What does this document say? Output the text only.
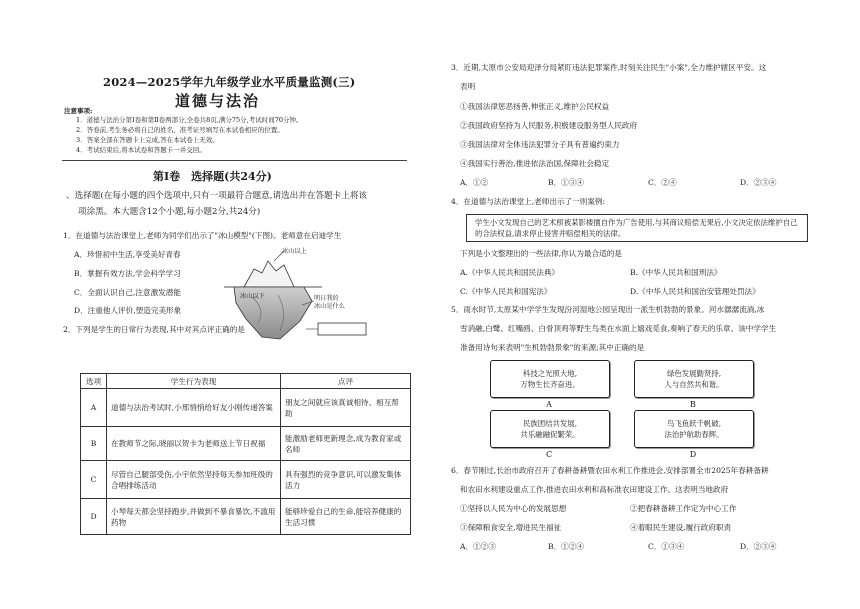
2024—2025学年九年级学业水平质量监测(三)
道德与法治
注意事项:
1．道德与法治分第Ⅰ卷和第Ⅱ卷两部分,全卷共8页,满分75分,考试时间70分钟。
2．答卷前,考生务必将自己的姓名、准考证号填写在本试卷相应的位置。
3．答案全部在答题卡上完成,答在本试卷上无效。
4．考试结束后,将本试卷和答题卡一并交回。
第Ⅰ卷　选择题(共24分)
、选择题(在每小题的四个选项中,只有一项最符合题意,请选出并在答题卡上将该
项涂黑。本大题含12个小题,每小题2分,共24分)
1．在道德与法治课堂上,老师为同学们出示了"冰山模型"(下图)。老师意在启迪学生
A．珍惜初中生活,享受美好青春
B．掌握有效方法,学会科学学习
C．全面认识自己,注意激发潜能
D．注重他人评价,塑造完美形象
冰山以上
冰山以下	明日我的
冰山是什么
2．下列是学生的日常行为表现,其中对其点评正确的是
选项	学生行为表现	点评
A	道德与法治考试时,小邢悄悄给好友小刚传递答案	朋友之间就应该真诚相待、相互帮助
B	在教师节之际,晓丽以贺卡为老师送上节日祝福	能激励老师更新理念,成为教育家或名师
C	尽管自己腿部受伤,小宇依然坚持每天参加班级的合唱排练活动	具有强烈的竞争意识,可以激发集体活力
D	小琴每天都会坚持跑步,并做到不暴食暴饮,不滥用药物	能够珍爱自己的生命,能培养健康的生活习惯
3．近期,太原市公安局迎泽分局紧盯违法犯罪案件,时刻关注民生"小案",全力维护辖区平安。这
表明
①我国法律惩恶扬善,伸张正义,维护公民权益
②我国政府坚持为人民服务,积极建设服务型人民政府
③我国法律对全体违法犯罪分子具有普遍约束力
④我国实行善治,推进依法治国,保障社会稳定
A．①②	B．①③④	C．②④	D．②③④
4．在道德与法治课堂上,老师出示了一则案例:
学生小文发现自己的艺术照被某影楼擅自作为广告使用,与其商议赔偿无果后,小文决定依法维护自己的合法权益,请求停止侵害并赔偿相关的法律。
下列是小文整理出的一些法律,你认为最合适的是
A.《中华人民共和国民法典》	B.《中华人民共和国刑法》
C.《中华人民共和国宪法》	D.《中华人民共和国治安管理处罚法》
5．雨水时节,太原某中学学生发现汾河湿地公园呈现出一派生机勃勃的景象。河水潺潺流淌,冰
雪消融,白鹭、红嘴鸥、白骨顶鸡等野生鸟类在水面上嬉戏觅食,奏响了春天的乐章。该中学学生
准备用诗句来表明"生机勃勃景象"的来源;其中正确的是
科技之光照大地,
万物生长齐奋进。
A
绿色发展勤贤持,
人与自然共和谐。
B
民族团结共发展,
共乐融融促繁荣。
C
鸟飞鱼跃千帆破,
法治护航助春辉。
D
6．春节刚过,长治市政府召开了春耕备耕暨农田水利工作推进会,安排部署全市2025年春耕备耕
和农田水利建设重点工作,推进农田水利和高标准农田建设工作。这表明当地政府
①坚持以人民为中心的发展思想	②把春耕备耕工作定为中心工作
③保障粮食安全,增进民生福祉	④着眼民生建设,履行政府职责
A．①②③	B．①②④	C．①③④	D．②③④
